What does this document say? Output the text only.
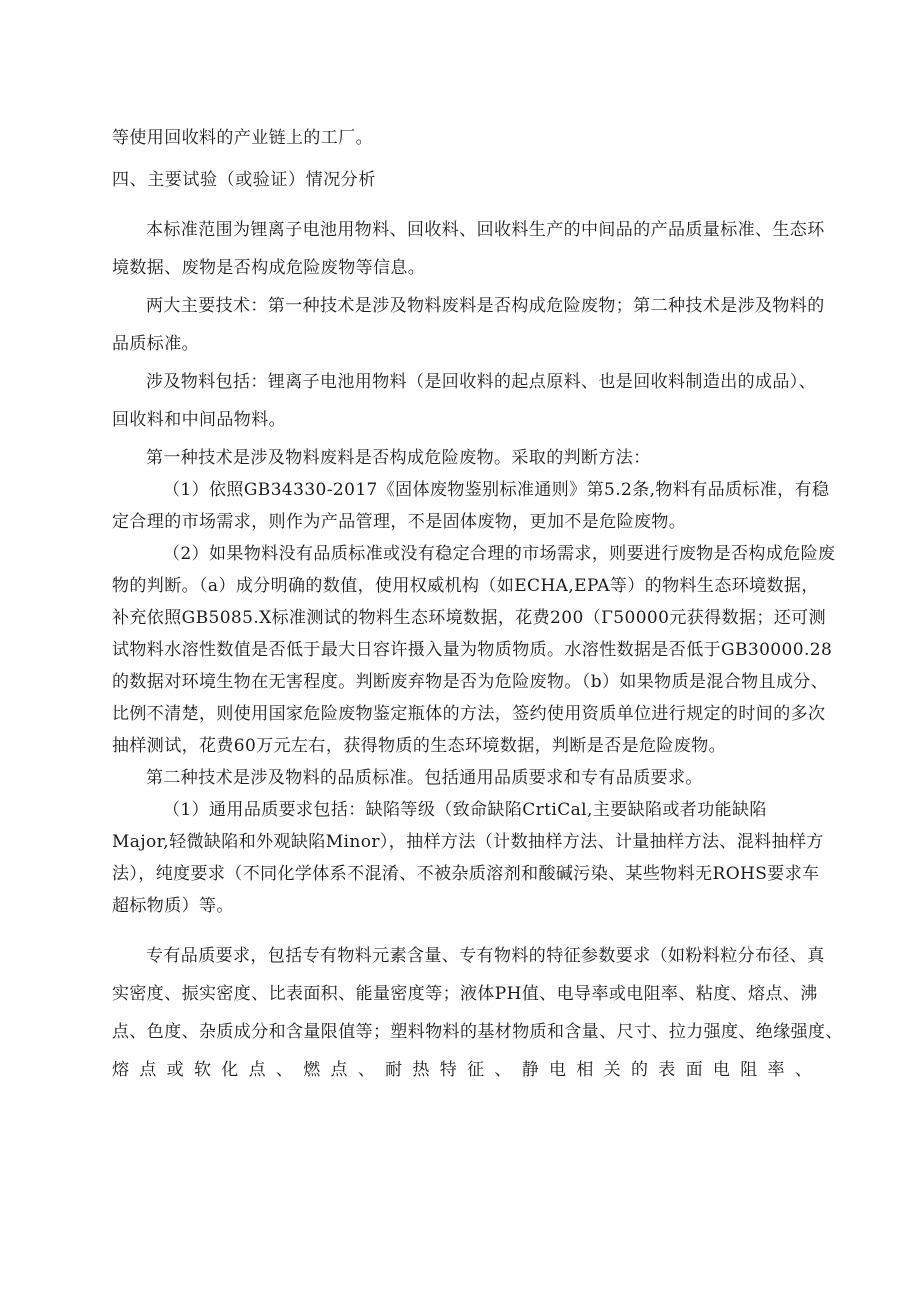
等使用回收料的产业链上的工厂。
四、主要试验（或验证）情况分析
本标准范围为锂离子电池用物料、回收料、回收料生产的中间品的产品质量标准、生态环
境数据、废物是否构成危险废物等信息。
两大主要技术：第一种技术是涉及物料废料是否构成危险废物；第二种技术是涉及物料的
品质标准。
涉及物料包括：锂离子电池用物料（是回收料的起点原料、也是回收料制造出的成品）、
回收料和中间品物料。
第一种技术是涉及物料废料是否构成危险废物。采取的判断方法：
（1）依照GB34330-2017《固体废物鉴别标准通则》第5.2条,物料有品质标准，有稳
定合理的市场需求，则作为产品管理，不是固体废物，更加不是危险废物。
（2）如果物料没有品质标准或没有稳定合理的市场需求，则要进行废物是否构成危险废
物的判断。（a）成分明确的数值，使用权威机构（如ECHA,EPA等）的物料生态环境数据，
补充依照GB5085.X标准测试的物料生态环境数据，花费200（Γ50000元获得数据；还可测
试物料水溶性数值是否低于最大日容许摄入量为物质物质。水溶性数据是否低于GB30000.28
的数据对环境生物在无害程度。判断废弃物是否为危险废物。（b）如果物质是混合物且成分、
比例不清楚，则使用国家危险废物鉴定瓶体的方法，签约使用资质单位进行规定的时间的多次
抽样测试，花费60万元左右，获得物质的生态环境数据，判断是否是危险废物。
第二种技术是涉及物料的品质标准。包括通用品质要求和专有品质要求。
（1）通用品质要求包括：缺陷等级（致命缺陷CrtiCal,主要缺陷或者功能缺陷
Major,轻微缺陷和外观缺陷Minor），抽样方法（计数抽样方法、计量抽样方法、混料抽样方
法），纯度要求（不同化学体系不混淆、不被杂质溶剂和酸碱污染、某些物料无ROHS要求车
超标物质）等。
专有品质要求，包括专有物料元素含量、专有物料的特征参数要求（如粉料粒分布径、真
实密度、振实密度、比表面积、能量密度等；液体PH值、电导率或电阻率、粘度、熔点、沸
点、色度、杂质成分和含量限值等；塑料物料的基材物质和含量、尺寸、拉力强度、绝缘强度、
熔 点 或 软 化 点 、 燃 点 、 耐 热 特 征 、 静 电 相 关 的 表 面 电 阻 率 、
